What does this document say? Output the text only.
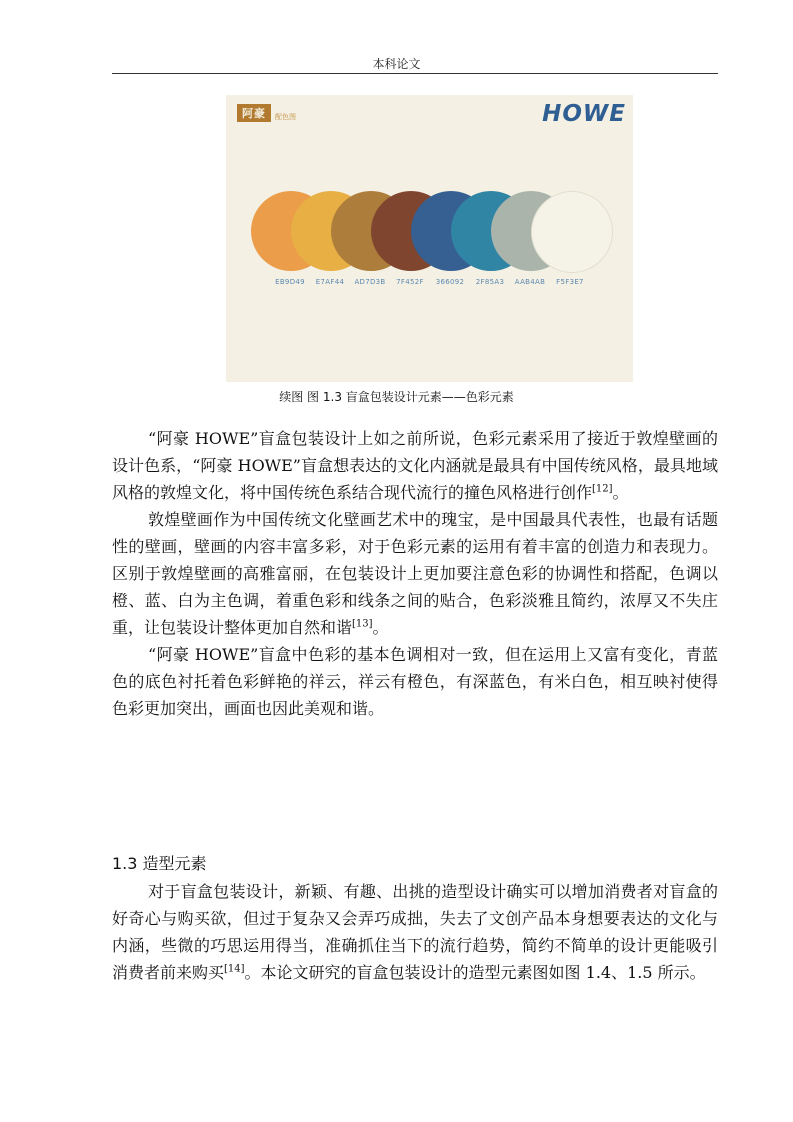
本科论文
阿豪	配色图	HOWE
EB9D49	E7AF44	AD7D3B	7F452F	366092	2F85A3	AAB4AB	F5F3E7
续图 图 1.3 盲盒包装设计元素——色彩元素

“阿豪 HOWE”盲盒包装设计上如之前所说，色彩元素采用了接近于敦煌壁画的设计色系，“阿豪 HOWE”盲盒想表达的文化内涵就是最具有中国传统风格，最具地域风格的敦煌文化，将中国传统色系结合现代流行的撞色风格进行创作[12]。

敦煌壁画作为中国传统文化壁画艺术中的瑰宝，是中国最具代表性，也最有话题性的壁画，壁画的内容丰富多彩，对于色彩元素的运用有着丰富的创造力和表现力。区别于敦煌壁画的高雅富丽，在包装设计上更加要注意色彩的协调性和搭配，色调以橙、蓝、白为主色调，着重色彩和线条之间的贴合，色彩淡雅且简约，浓厚又不失庄重，让包装设计整体更加自然和谐[13]。

“阿豪 HOWE”盲盒中色彩的基本色调相对一致，但在运用上又富有变化，青蓝色的底色衬托着色彩鲜艳的祥云，祥云有橙色，有深蓝色，有米白色，相互映衬使得色彩更加突出，画面也因此美观和谐。

1.3 造型元素

对于盲盒包装设计，新颖、有趣、出挑的造型设计确实可以增加消费者对盲盒的好奇心与购买欲，但过于复杂又会弄巧成拙，失去了文创产品本身想要表达的文化与内涵，些微的巧思运用得当，准确抓住当下的流行趋势，简约不简单的设计更能吸引消费者前来购买[14]。本论文研究的盲盒包装设计的造型元素图如图 1.4、1.5 所示。
